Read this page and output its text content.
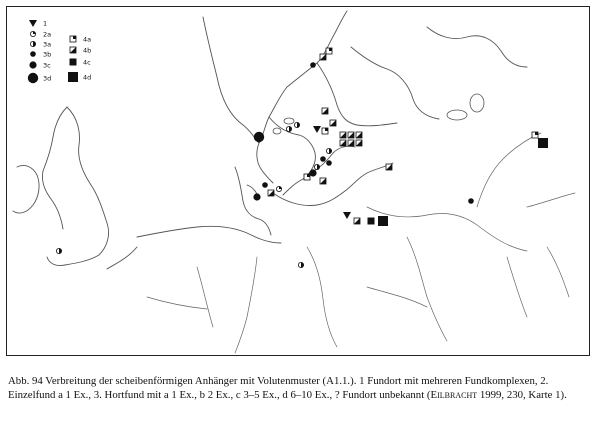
1
2a
3a
3b
3c
3d
4a
4b
4c
4d
Abb. 94 Verbreitung der scheibenförmigen Anhänger mit Volutenmuster (A1.1.). 1 Fundort mit mehreren Fundkomplexen, 2. Einzelfund a 1 Ex., 3. Hortfund mit a 1 Ex., b 2 Ex., c 3–5 Ex., d 6–10 Ex., ? Fundort unbekannt (Eilbracht 1999, 230, Karte 1).
